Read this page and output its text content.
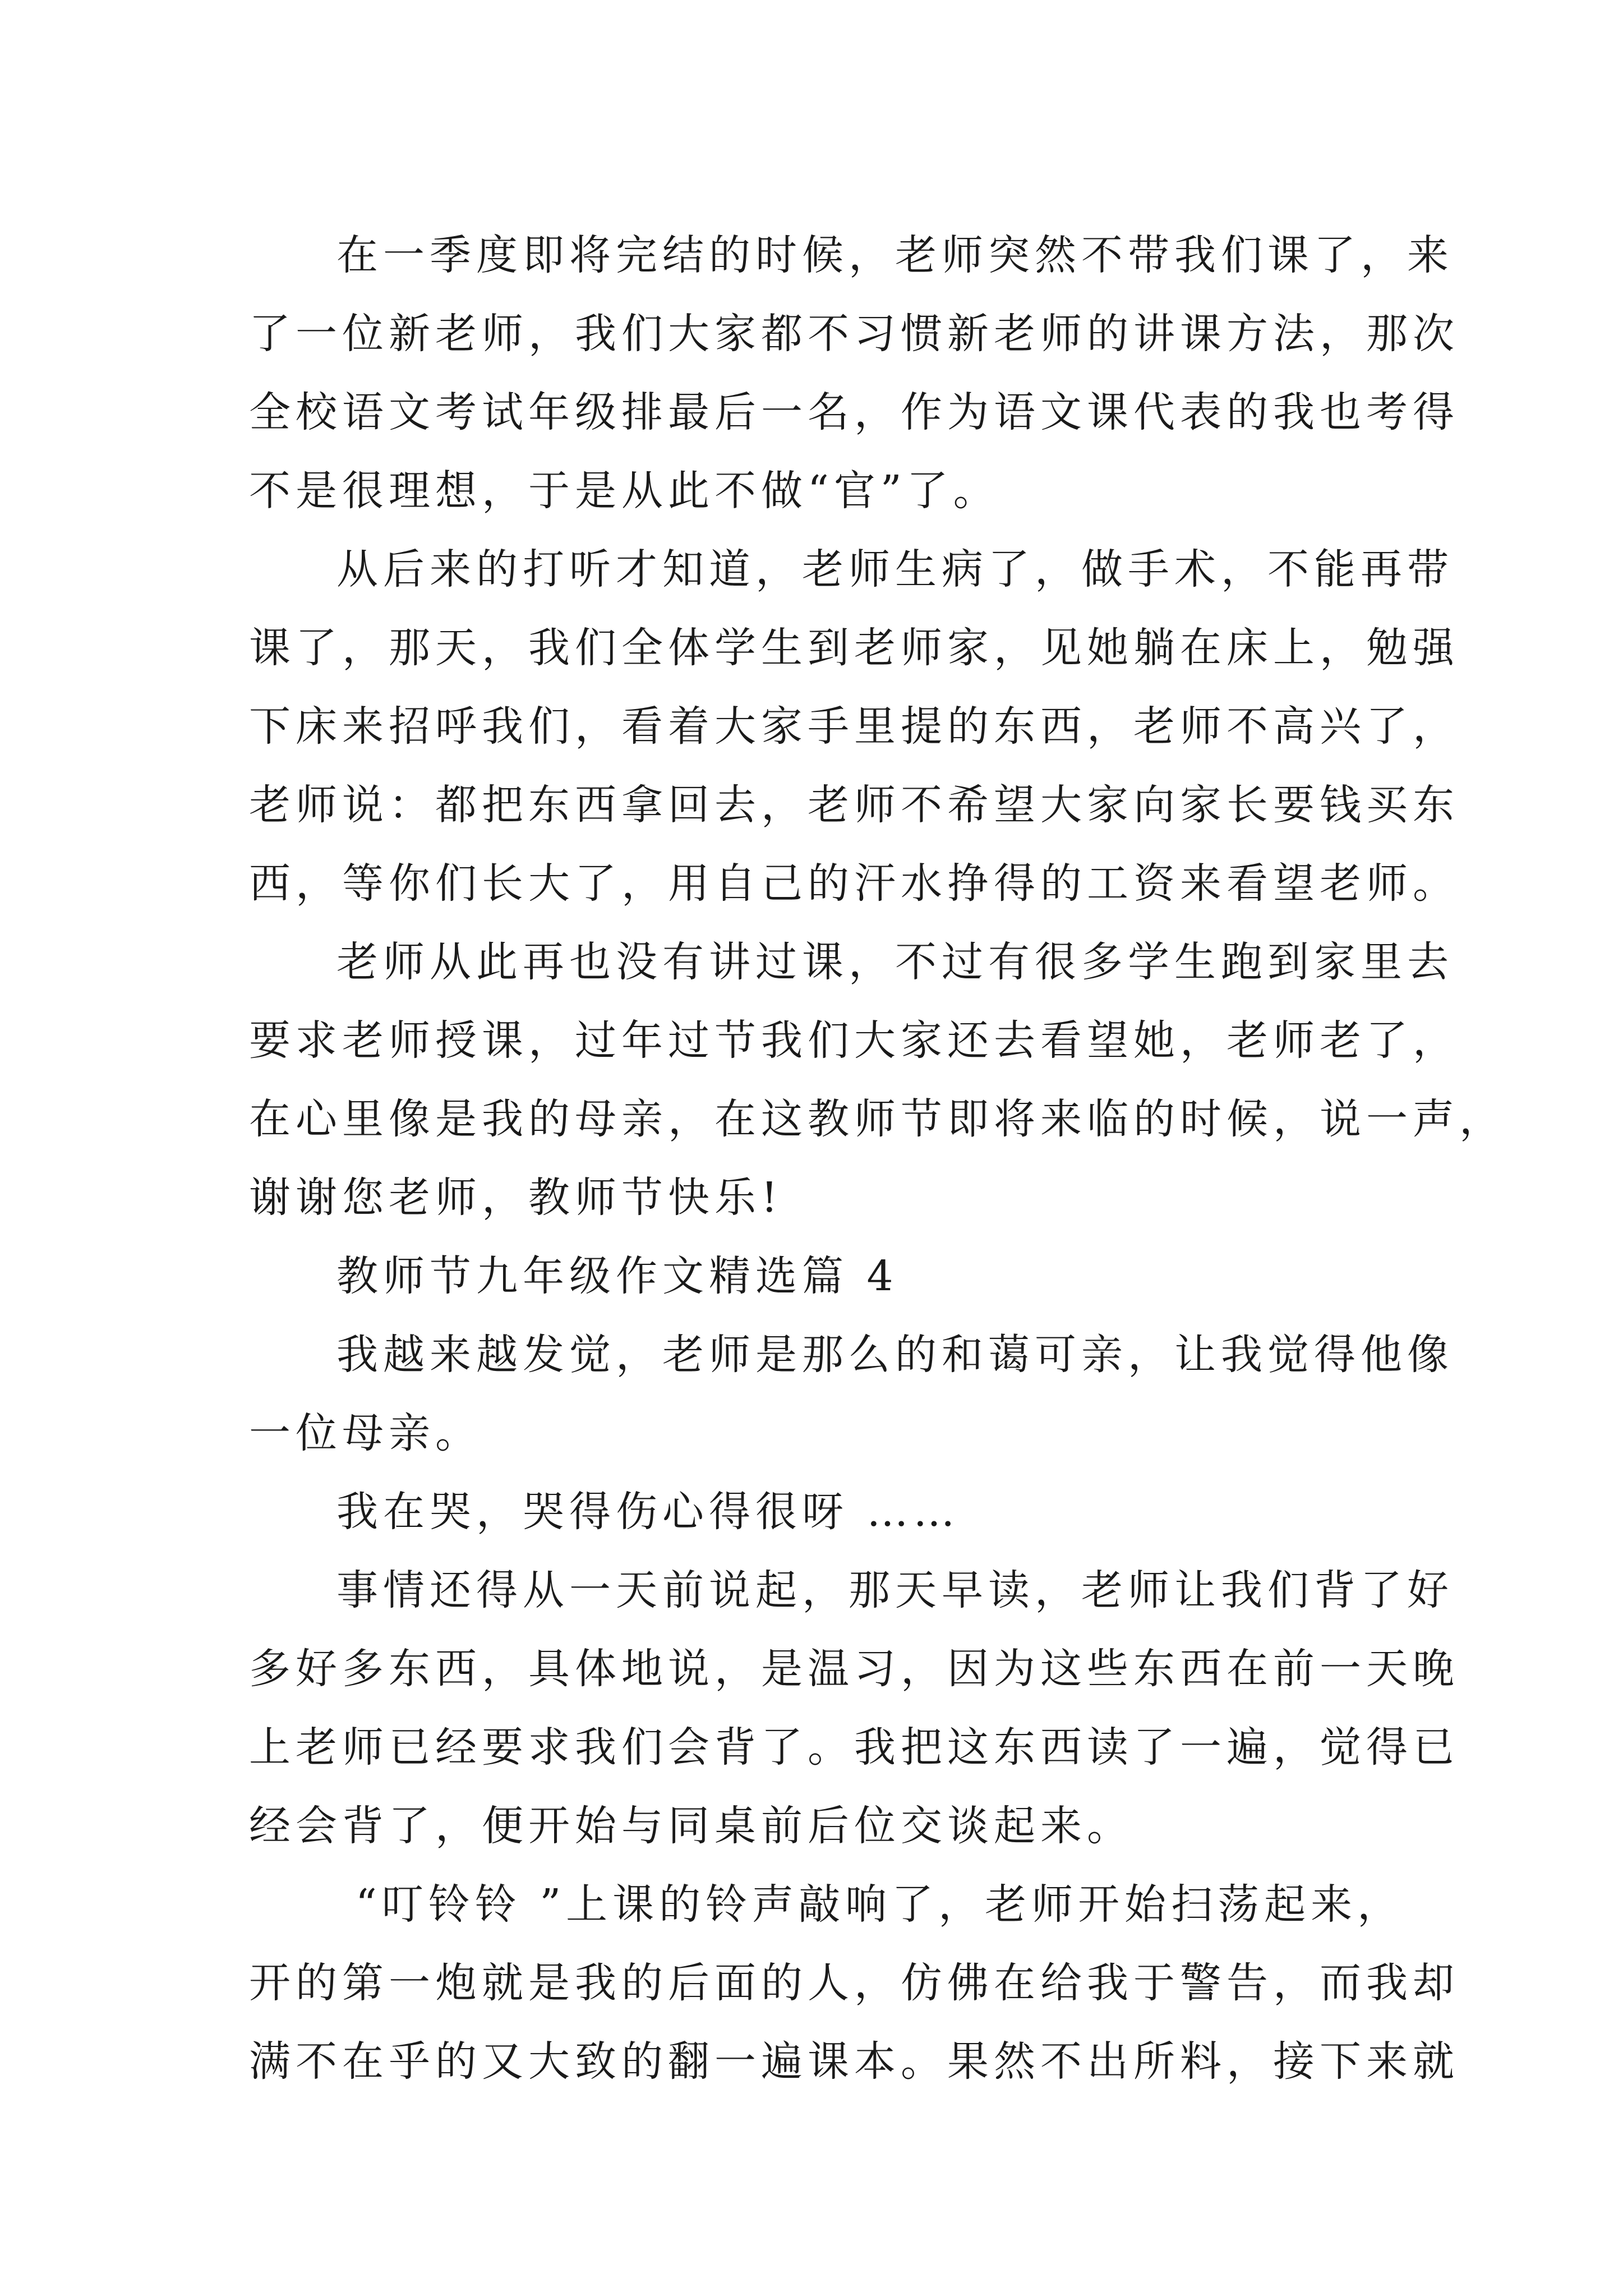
在一季度即将完结的时候，老师突然不带我们课了，来
了一位新老师，我们大家都不习惯新老师的讲课方法，那次
全校语文考试年级排最后一名，作为语文课代表的我也考得
不是很理想，于是从此不做“官”了。
从后来的打听才知道，老师生病了，做手术，不能再带
课了，那天，我们全体学生到老师家，见她躺在床上，勉强
下床来招呼我们，看着大家手里提的东西，老师不高兴了，
老师说：都把东西拿回去，老师不希望大家向家长要钱买东
西，等你们长大了，用自己的汗水挣得的工资来看望老师。
老师从此再也没有讲过课，不过有很多学生跑到家里去
要求老师授课，过年过节我们大家还去看望她，老师老了，
在心里像是我的母亲，在这教师节即将来临的时候，说一声，
谢谢您老师，教师节快乐!
教师节九年级作文精选篇 4
我越来越发觉，老师是那么的和蔼可亲，让我觉得他像
一位母亲。
我在哭，哭得伤心得很呀 ……
事情还得从一天前说起，那天早读，老师让我们背了好
多好多东西，具体地说，是温习，因为这些东西在前一天晚
上老师已经要求我们会背了。我把这东西读了一遍，觉得已
经会背了，便开始与同桌前后位交谈起来。
“叮铃铃 ”上课的铃声敲响了，老师开始扫荡起来，
开的第一炮就是我的后面的人，仿佛在给我于警告，而我却
满不在乎的又大致的翻一遍课本。果然不出所料，接下来就
